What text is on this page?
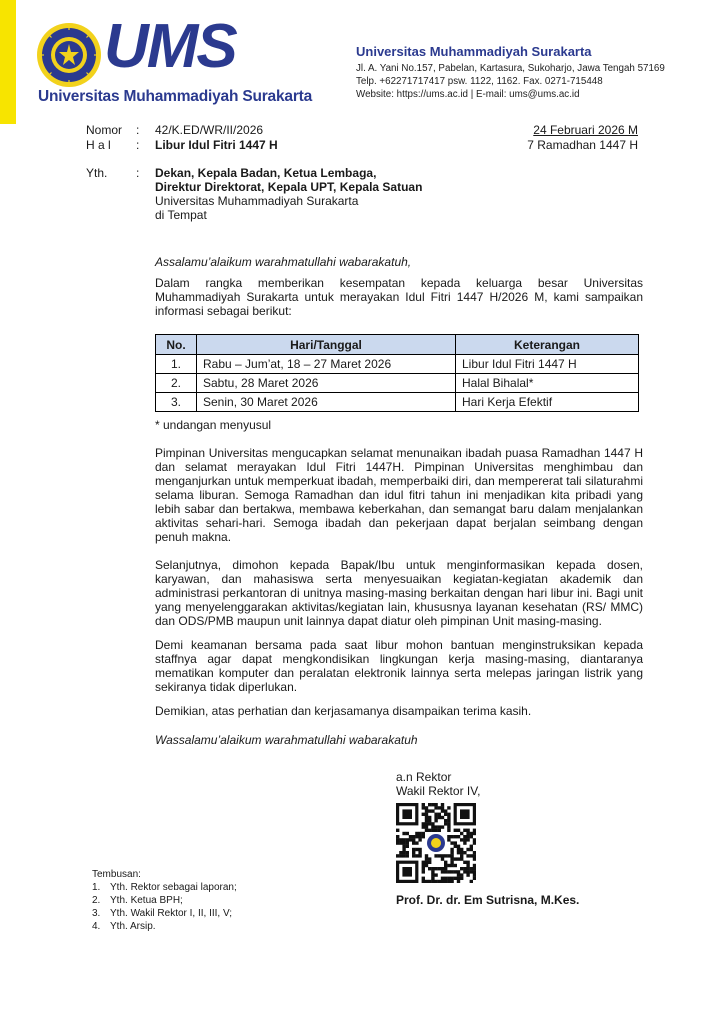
UMS
Universitas Muhammadiyah Surakarta
Universitas Muhammadiyah Surakarta
Jl. A. Yani No.157, Pabelan, Kartasura, Sukoharjo, Jawa Tengah 57169
Telp. +62271717417 psw. 1122, 1162. Fax. 0271-715448
Website: https://ums.ac.id | E-mail: ums@ums.ac.id
Nomor : 42/K.ED/WR/II/2026
H a l : Libur Idul Fitri 1447 H
24 Februari 2026 M
7 Ramadhan 1447 H
Yth. : Dekan, Kepala Badan, Ketua Lembaga,
Direktur Direktorat, Kepala UPT, Kepala Satuan
Universitas Muhammadiyah Surakarta
di Tempat
Assalamu’alaikum warahmatullahi wabarakatuh,
Dalam rangka memberikan kesempatan kepada keluarga besar Universitas Muhammadiyah Surakarta untuk merayakan Idul Fitri 1447 H/2026 M, kami sampaikan informasi sebagai berikut:
No.	Hari/Tanggal	Keterangan
1.	Rabu – Jum’at, 18 – 27 Maret 2026	Libur Idul Fitri 1447 H
2.	Sabtu, 28 Maret 2026	Halal Bihalal*
3.	Senin, 30 Maret 2026	Hari Kerja Efektif
* undangan menyusul
Pimpinan Universitas mengucapkan selamat menunaikan ibadah puasa Ramadhan 1447 H dan selamat merayakan Idul Fitri 1447H. Pimpinan Universitas menghimbau dan menganjurkan untuk memperkuat ibadah, memperbaiki diri, dan mempererat tali silaturahmi selama liburan. Semoga Ramadhan dan idul fitri tahun ini menjadikan kita pribadi yang lebih sabar dan bertakwa, membawa keberkahan, dan semangat baru dalam menjalankan aktivitas sehari-hari. Semoga ibadah dan pekerjaan dapat berjalan seimbang dengan penuh makna.
Selanjutnya, dimohon kepada Bapak/Ibu untuk menginformasikan kepada dosen, karyawan, dan mahasiswa serta menyesuaikan kegiatan-kegiatan akademik dan administrasi perkantoran di unitnya masing-masing berkaitan dengan hari libur ini. Bagi unit yang menyelenggarakan aktivitas/kegiatan lain, khususnya layanan kesehatan (RS/ MMC) dan ODS/PMB maupun unit lainnya dapat diatur oleh pimpinan Unit masing-masing.
Demi keamanan bersama pada saat libur mohon bantuan menginstruksikan kepada staffnya agar dapat mengkondisikan lingkungan kerja masing-masing, diantaranya mematikan komputer dan peralatan elektronik lainnya serta melepas jaringan listrik yang sekiranya tidak diperlukan.
Demikian, atas perhatian dan kerjasamanya disampaikan terima kasih.
Wassalamu’alaikum warahmatullahi wabarakatuh
a.n Rektor
Wakil Rektor IV,
Prof. Dr. dr. Em Sutrisna, M.Kes.
Tembusan:
1. Yth. Rektor sebagai laporan;
2. Yth. Ketua BPH;
3. Yth. Wakil Rektor I, II, III, V;
4. Yth. Arsip.
